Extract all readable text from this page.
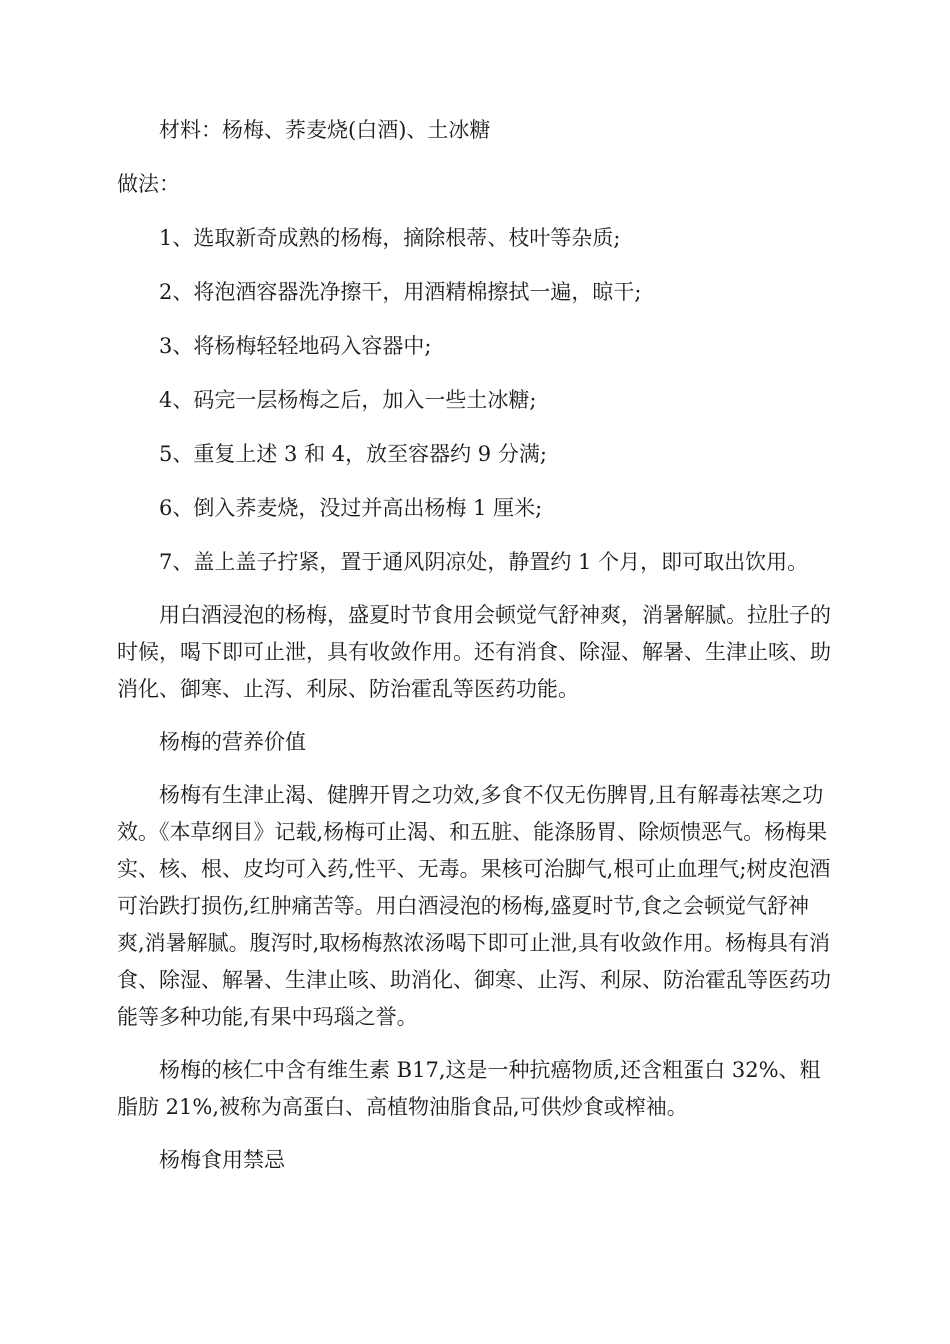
材料：杨梅、荞麦烧(白酒)、土冰糖

做法：

1、选取新奇成熟的杨梅，摘除根蒂、枝叶等杂质;

2、将泡酒容器洗净擦干，用酒精棉擦拭一遍，晾干;

3、将杨梅轻轻地码入容器中;

4、码完一层杨梅之后，加入一些土冰糖;

5、重复上述 3 和 4，放至容器约 9 分满;

6、倒入荞麦烧，没过并高出杨梅 1 厘米;

7、盖上盖子拧紧，置于通风阴凉处，静置约 1 个月，即可取出饮用。

用白酒浸泡的杨梅，盛夏时节食用会顿觉气舒神爽，消暑解腻。拉肚子的时候，喝下即可止泄，具有收敛作用。还有消食、除湿、解暑、生津止咳、助消化、御寒、止泻、利尿、防治霍乱等医药功能。

杨梅的营养价值

杨梅有生津止渴、健脾开胃之功效,多食不仅无伤脾胃,且有解毒祛寒之功效。《本草纲目》记载,杨梅可止渴、和五脏、能涤肠胃、除烦愦恶气。杨梅果实、核、根、皮均可入药,性平、无毒。果核可治脚气,根可止血理气;树皮泡酒可治跌打损伤,红肿痛苦等。用白酒浸泡的杨梅,盛夏时节,食之会顿觉气舒神爽,消暑解腻。腹泻时,取杨梅熬浓汤喝下即可止泄,具有收敛作用。杨梅具有消食、除湿、解暑、生津止咳、助消化、御寒、止泻、利尿、防治霍乱等医药功能等多种功能,有果中玛瑙之誉。

杨梅的核仁中含有维生素 B17,这是一种抗癌物质,还含粗蛋白 32%、粗脂肪 21%,被称为高蛋白、高植物油脂食品,可供炒食或榨袖。

杨梅食用禁忌
